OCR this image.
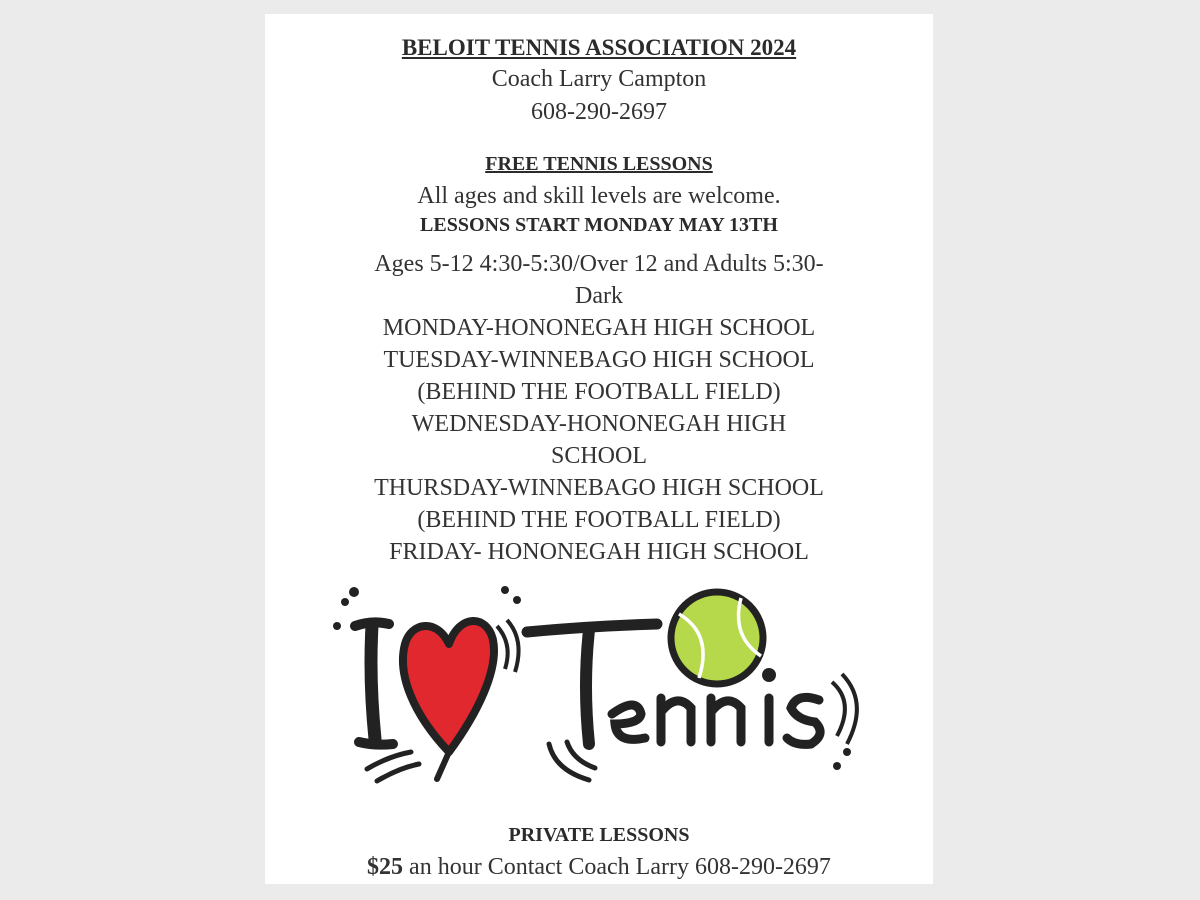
BELOIT TENNIS ASSOCIATION 2024

Coach Larry Campton

608-290-2697

FREE TENNIS LESSONS

All ages and skill levels are welcome.

LESSONS START MONDAY MAY 13TH

Ages 5-12 4:30-5:30/Over 12 and Adults 5:30-

Dark

MONDAY-HONONEGAH HIGH SCHOOL

TUESDAY-WINNEBAGO HIGH SCHOOL

(BEHIND THE FOOTBALL FIELD)

WEDNESDAY-HONONEGAH HIGH

SCHOOL

THURSDAY-WINNEBAGO HIGH SCHOOL

(BEHIND THE FOOTBALL FIELD)

FRIDAY- HONONEGAH HIGH SCHOOL

PRIVATE LESSONS

$25 an hour Contact Coach Larry 608-290-2697
